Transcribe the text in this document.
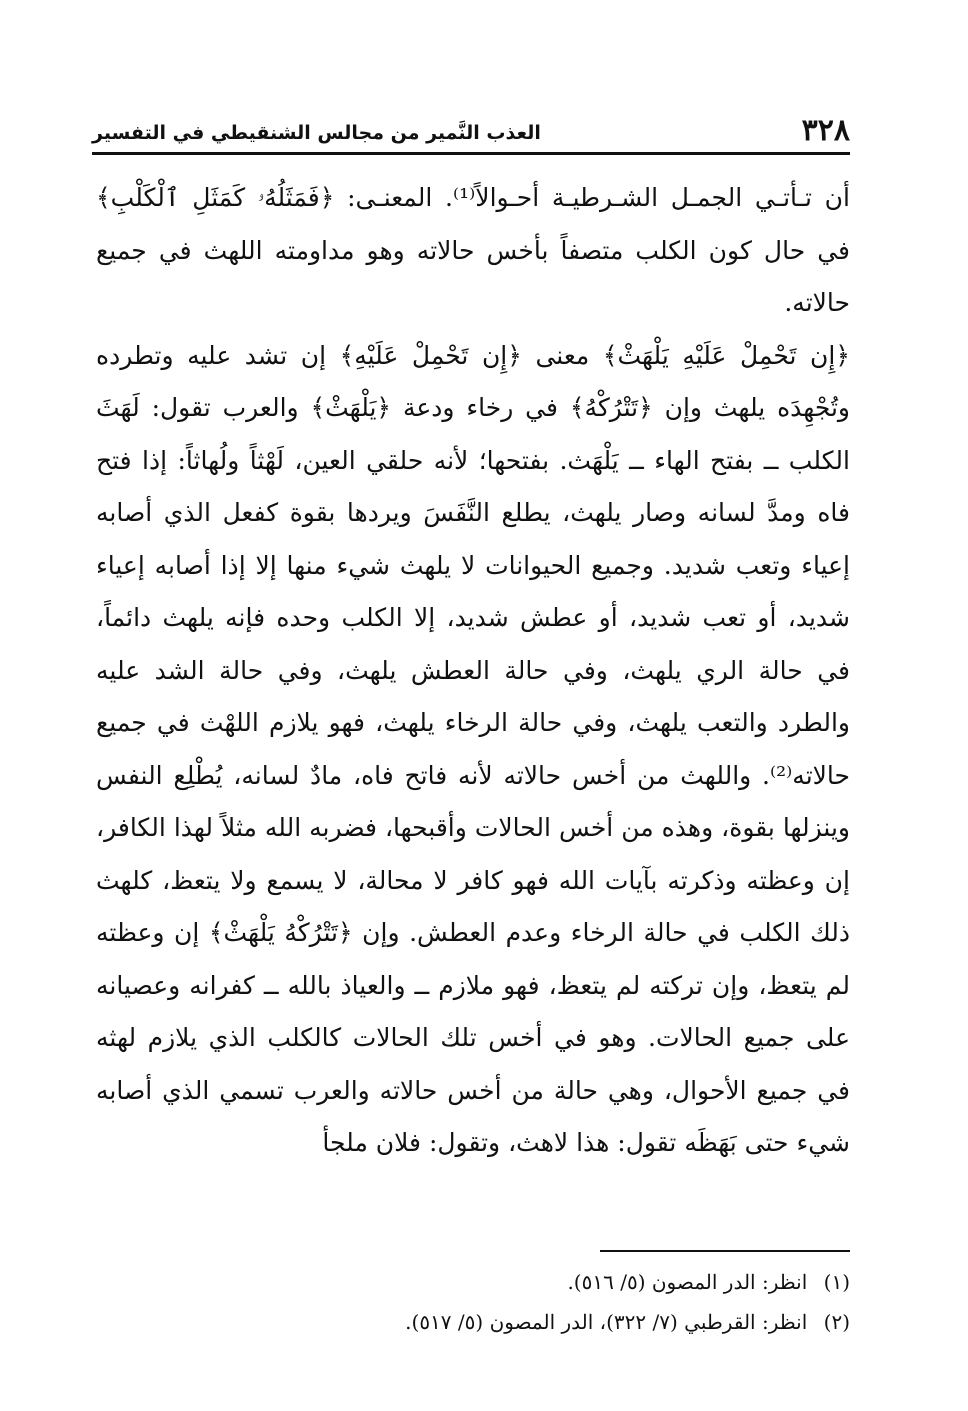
٣٢٨
العذب النَّمير من مجالس الشنقيطي في التفسير

أن تـأتـي الجمـل الشـرطيـة أحـوالاً⁽¹⁾. المعنـى: ﴿فَمَثَلُهُۥ كَمَثَلِ ٱلْكَلْبِ﴾ في حال كون الكلب متصفاً بأخس حالاته وهو مداومته اللهث في جميع حالاته.

﴿إِن تَحْمِلْ عَلَيْهِ يَلْهَثْ﴾ معنى ﴿إِن تَحْمِلْ عَلَيْهِ﴾ إن تشد عليه وتطرده وتُجْهِدَه يلهث وإن ﴿تَتْرُكْهُ﴾ في رخاء ودعة ﴿يَلْهَثْ﴾ والعرب تقول: لَهَثَ الكلب ــ بفتح الهاء ــ يَلْهَث. بفتحها؛ لأنه حلقي العين، لَهْثاً ولُهاثاً: إذا فتح فاه ومدَّ لسانه وصار يلهث، يطلع النَّفَسَ ويردها بقوة كفعل الذي أصابه إعياء وتعب شديد. وجميع الحيوانات لا يلهث شيء منها إلا إذا أصابه إعياء شديد، أو تعب شديد، أو عطش شديد، إلا الكلب وحده فإنه يلهث دائماً، في حالة الري يلهث، وفي حالة العطش يلهث، وفي حالة الشد عليه والطرد والتعب يلهث، وفي حالة الرخاء يلهث، فهو يلازم اللهْث في جميع حالاته⁽²⁾. واللهث من أخس حالاته لأنه فاتح فاه، مادٌ لسانه، يُطْلِع النفس وينزلها بقوة، وهذه من أخس الحالات وأقبحها، فضربه الله مثلاً لهذا الكافر، إن وعظته وذكرته بآيات الله فهو كافر لا محالة، لا يسمع ولا يتعظ، كلهث ذلك الكلب في حالة الرخاء وعدم العطش. وإن ﴿تَتْرُكْهُ يَلْهَثْ﴾ إن وعظته لم يتعظ، وإن تركته لم يتعظ، فهو ملازم ــ والعياذ بالله ــ كفرانه وعصيانه على جميع الحالات. وهو في أخس تلك الحالات كالكلب الذي يلازم لهثه في جميع الأحوال، وهي حالة من أخس حالاته والعرب تسمي الذي أصابه شيء حتى بَهَظَه تقول: هذا لاهث، وتقول: فلان ملجأ

(١) انظر: الدر المصون (٥/ ٥١٦).

(٢) انظر: القرطبي (٧/ ٣٢٢)، الدر المصون (٥/ ٥١٧).
